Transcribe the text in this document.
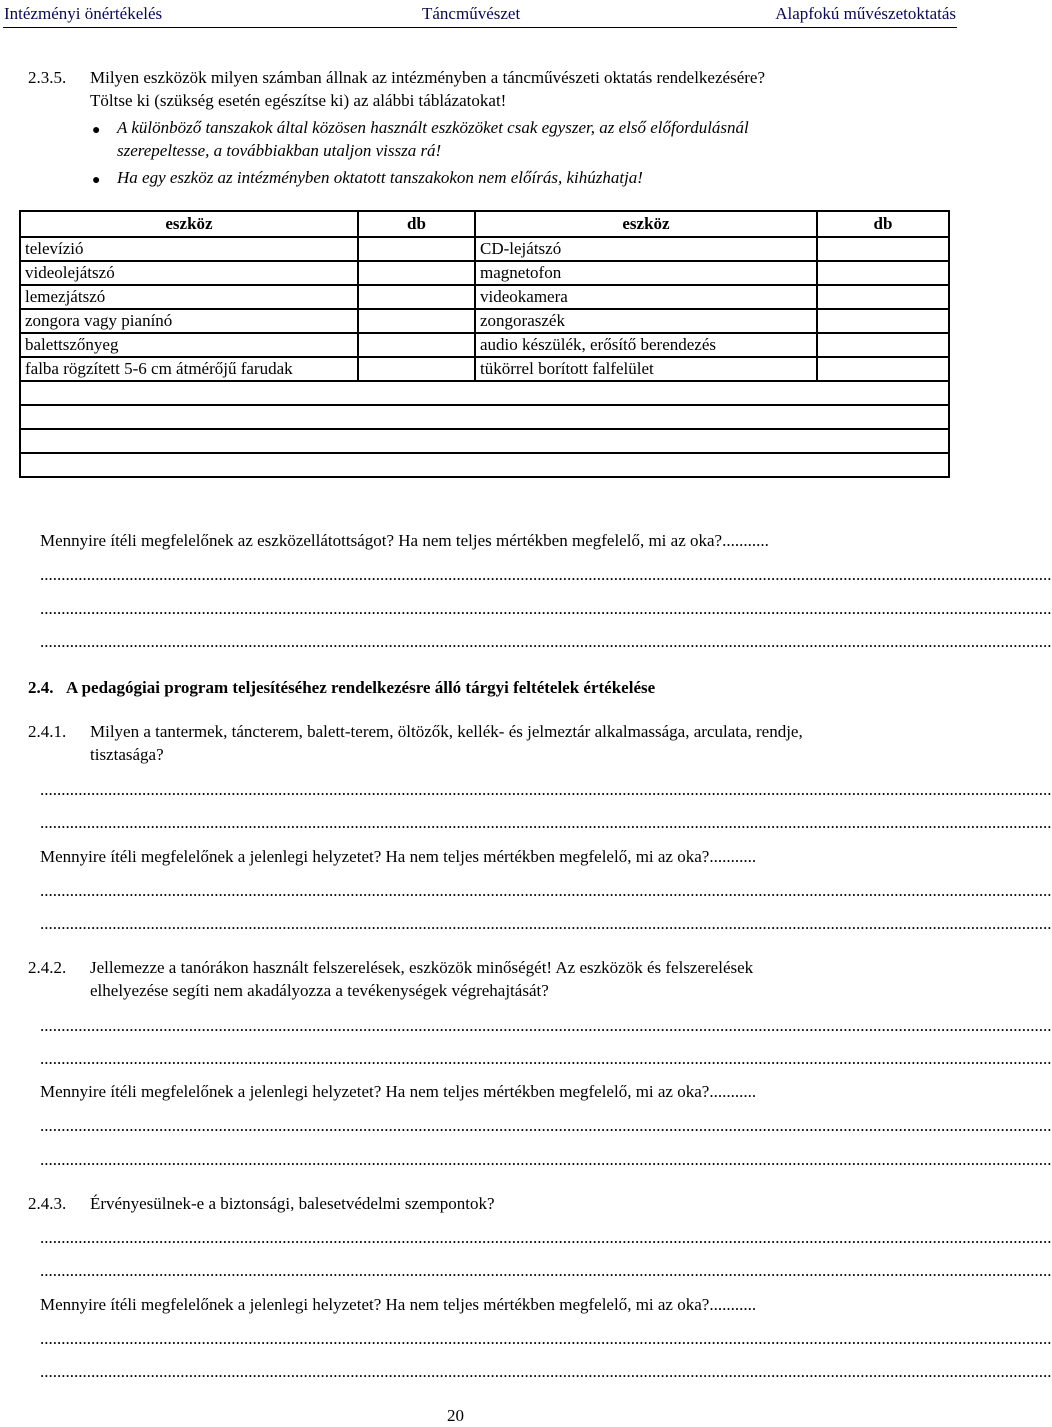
Intézményi önértékelés	Táncművészet	Alapfokú művészetoktatás
2.3.5. Milyen eszközök milyen számban állnak az intézményben a táncművészeti oktatás rendelkezésére?
Töltse ki (szükség esetén egészítse ki) az alábbi táblázatokat!
● A különböző tanszakok által közösen használt eszközöket csak egyszer, az első előfordulásnál
szerepeltesse, a továbbiakban utaljon vissza rá!
● Ha egy eszköz az intézményben oktatott tanszakokon nem előírás, kihúzhatja!
eszköz	db	eszköz	db
televízió		CD-lejátszó	
videolejátszó		magnetofon	
lemezjátszó		videokamera	
zongora vagy pianínó		zongoraszék	
balettszőnyeg		audio készülék, erősítő berendezés	
falba rögzített 5-6 cm átmérőjű farudak		tükörrel borított falfelület	

Mennyire ítéli megfelelőnek az eszközellátottságot? Ha nem teljes mértékben megfelelő, mi az oka?...........
..............................................................................................................................................................................................................................................
..............................................................................................................................................................................................................................................
..............................................................................................................................................................................................................................................
2.4. A pedagógiai program teljesítéséhez rendelkezésre álló tárgyi feltételek értékelése
2.4.1. Milyen a tantermek, táncterem, balett-terem, öltözők, kellék- és jelmeztár alkalmassága, arculata, rendje,
tisztasága?
..............................................................................................................................................................................................................................................
..............................................................................................................................................................................................................................................
Mennyire ítéli megfelelőnek a jelenlegi helyzetet? Ha nem teljes mértékben megfelelő, mi az oka?...........
..............................................................................................................................................................................................................................................
..............................................................................................................................................................................................................................................
2.4.2. Jellemezze a tanórákon használt felszerelések, eszközök minőségét! Az eszközök és felszerelések
elhelyezése segíti nem akadályozza a tevékenységek végrehajtását?
..............................................................................................................................................................................................................................................
..............................................................................................................................................................................................................................................
Mennyire ítéli megfelelőnek a jelenlegi helyzetet? Ha nem teljes mértékben megfelelő, mi az oka?...........
..............................................................................................................................................................................................................................................
..............................................................................................................................................................................................................................................
2.4.3. Érvényesülnek-e a biztonsági, balesetvédelmi szempontok?
..............................................................................................................................................................................................................................................
..............................................................................................................................................................................................................................................
Mennyire ítéli megfelelőnek a jelenlegi helyzetet? Ha nem teljes mértékben megfelelő, mi az oka?...........
..............................................................................................................................................................................................................................................
..............................................................................................................................................................................................................................................
20
